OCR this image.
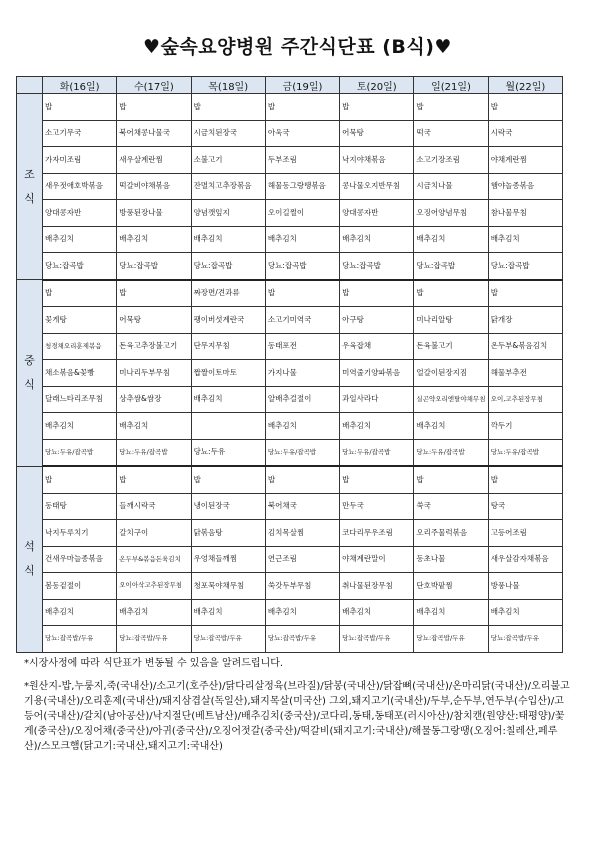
♥숲속요양병원 주간식단표 (B식)♥
	화(16일)	수(17일)	목(18일)	금(19일)	토(20일)	일(21일)	월(22일)

조
식	밥	밥	밥	밥	밥	밥	밥
	소고기무국	북어채콩나물국	시금치된장국	아욱국	어묵탕	떡국	시락국
	가자미조림	새우살계란찜	소불고기	두부조림	낙지야채볶음	소고기장조림	야채계란찜
	새우젓애호박볶음	떡갈비야채볶음	잔멸치고추장볶음	해물동그랑땡볶음	콩나물오지반무침	시금치나물	햄야놀종볶음
	양대콩자반	방풍된장나물	양념깻잎지	오이길쩔이	양대콩자반	오징어양념무침	참나물무침
	배추김치	배추김치	배추김치	배추김치	배추김치	배추김치	배추김치
	당뇨:잡곡밥	당뇨:잡곡밥	당뇨:잡곡밥	당뇨:잡곡밥	당뇨:잡곡밥	당뇨:잡곡밥	당뇨:잡곡밥

중
식	밥	밥	짜장면/견과류	밥	밥	밥	밥
	꽃게탕	어묵탕	팽이버섯계란국	소고기미역국	아구탕	미나리알탕	닭개장
	청경채오리훈제볶음	돈육고추장불고기	단무지무침	동태포전	우육잡채	돈육불고기	온두부&볶음김치
	채소볶음&꽃빵	미나리두부무침	짭짤이토마토	가지나물	미역줄기양파볶음	얼갈이된장지짐	해물부추전
	달래느타리조무침	상추쌈&쌈장	배추김치	알배추걸절이	과일사라다	실곤약오리엔탈야채무침	오이,고추된장무침
	배추김치	배추김치		배추김치	배추김치	배추김치	깍두기
	당뇨:두유/잡곡밥	당뇨:두유/잡곡밥	당뇨:두유	당뇨:두유/잡곡밥	당뇨:두유/잡곡밥	당뇨:두유/잡곡밥	당뇨:두유/잡곡밥

석
식	밥	밥	밥	밥	밥	밥	밥
	동태탕	들깨시락국	냉이된장국	북어채국	만두국	쑥국	탕국
	낙지두루치기	갈치구이	닭볶음탕	김치목살찜	코다리무우조림	오리주물럭볶음	고등어조림
	건새우마늘종볶음	온두부&볶음돈육김치	우엉채들깨찜	연근조림	야채계란말이	동초나물	새우살감자채볶음
	봄동겉절이	오이아삭고추된장무침	청포묵야채무침	쑥갓두부무침	취나물된장무침	단호박팥찜	방풍나물
	배추김치	배추김치	배추김치	배추김치	배추김치	배추김치	배추김치
	당뇨:잡곡밥/두유	당뇨:잡곡밥/두유	당뇨:잡곡밥/두유	당뇨:잡곡밥/두유	당뇨:잡곡밥/두유	당뇨:잡곡밥/두유	당뇨:잡곡밥/두유

*시장사정에 따라 식단표가 변동될 수 있음을 알려드립니다.

*원산지-밥,누룽지,죽(국내산)/소고기(호주산)/닭다리살정육(브라질)/닭봉(국내산)/닭잡뼈(국내산)/온마리닭(국내산)/오리불고기용(국내산)/오리훈제(국내산)/돼지삼겹살(독일산),돼지목살(미국산) 그외,돼지고기(국내산)/두부,순두부,연두부(수입산)/고등어(국내산)/갈치(남아공산)/낙지절단(베트남산)/배추김치(중국산)/코다리,동태,동태포(러시아산)/참치캔(원양산:태평양)/꽃게(중국산)/오징어채(중국산)/아귀(중국산)/오징어젓갈(중국산)/떡갈비(돼지고기:국내산)/해물동그랑땡(오징어:칠레산,페루산)/스모크햄(닭고기:국내산,돼지고기:국내산)
